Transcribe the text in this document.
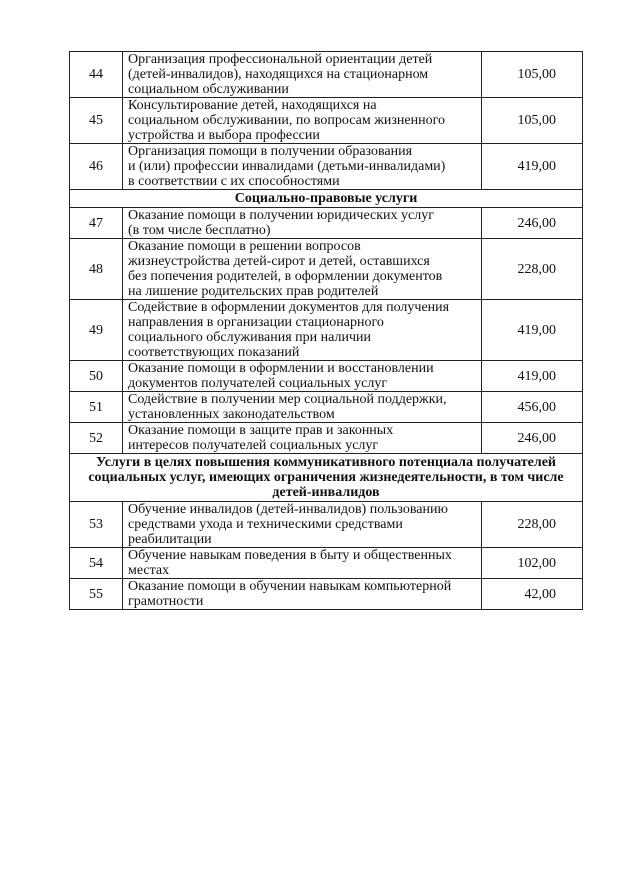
44	Организация профессиональной ориентации детей
(детей-инвалидов), находящихся на стационарном
социальном обслуживании	105,00
45	Консультирование детей, находящихся на
социальном обслуживании, по вопросам жизненного
устройства и выбора профессии	105,00
46	Организация помощи в получении образования
и (или) профессии инвалидами (детьми-инвалидами)
в соответствии с их способностями	419,00

Социально-правовые услуги		

47	Оказание помощи в получении юридических услуг
(в том числе бесплатно)	246,00
48	Оказание помощи в решении вопросов
жизнеустройства детей-сирот и детей, оставшихся
без попечения родителей, в оформлении документов
на лишение родительских прав родителей	228,00
49	Содействие в оформлении документов для получения
направления в организации стационарного
социального обслуживания при наличии
соответствующих показаний	419,00
50	Оказание помощи в оформлении и восстановлении
документов получателей социальных услуг	419,00
51	Содействие в получении мер социальной поддержки,
установленных законодательством	456,00
52	Оказание помощи в защите прав и законных
интересов получателей социальных услуг	246,00

Услуги в целях повышения коммуникативного потенциала получателей
социальных услуг, имеющих ограничения жизнедеятельности, в том числе
детей-инвалидов		

53	Обучение инвалидов (детей-инвалидов) пользованию
средствами ухода и техническими средствами
реабилитации	228,00
54	Обучение навыкам поведения в быту и общественных
местах	102,00
55	Оказание помощи в обучении навыкам компьютерной
грамотности	42,00
